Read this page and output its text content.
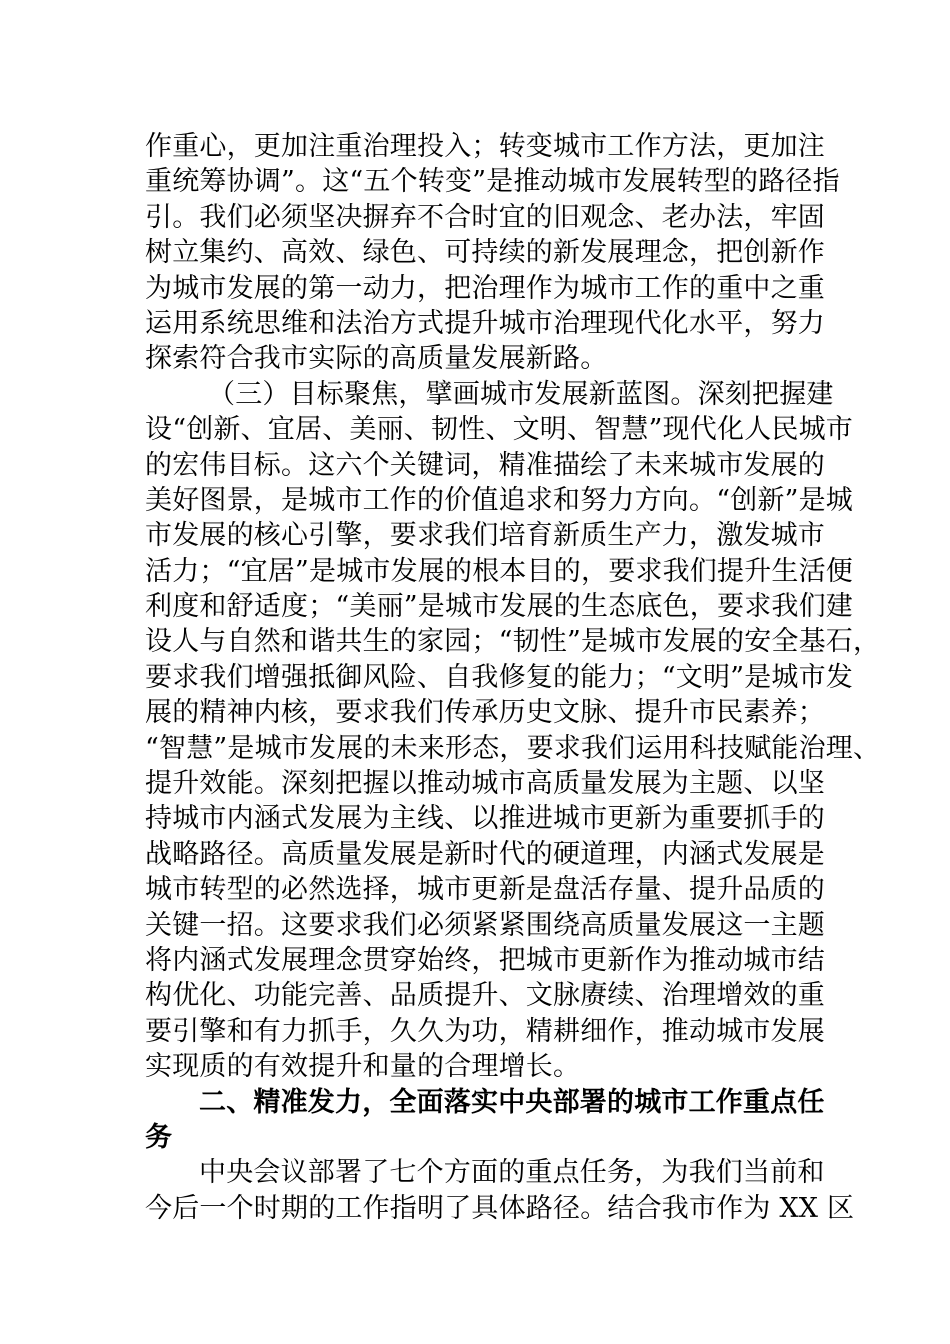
作重心，更加注重治理投入；转变城市工作方法，更加注
重统筹协调”。这“五个转变”是推动城市发展转型的路径指
引。我们必须坚决摒弃不合时宜的旧观念、老办法，牢固
树立集约、高效、绿色、可持续的新发展理念，把创新作
为城市发展的第一动力，把治理作为城市工作的重中之重
运用系统思维和法治方式提升城市治理现代化水平，努力
探索符合我市实际的高质量发展新路。
（三）目标聚焦，擘画城市发展新蓝图。深刻把握建
设“创新、宜居、美丽、韧性、文明、智慧”现代化人民城市
的宏伟目标。这六个关键词，精准描绘了未来城市发展的
美好图景，是城市工作的价值追求和努力方向。“创新”是城
市发展的核心引擎，要求我们培育新质生产力，激发城市
活力；“宜居”是城市发展的根本目的，要求我们提升生活便
利度和舒适度；“美丽”是城市发展的生态底色，要求我们建
设人与自然和谐共生的家园；“韧性”是城市发展的安全基石，
要求我们增强抵御风险、自我修复的能力；“文明”是城市发
展的精神内核，要求我们传承历史文脉、提升市民素养；
“智慧”是城市发展的未来形态，要求我们运用科技赋能治理、
提升效能。深刻把握以推动城市高质量发展为主题、以坚
持城市内涵式发展为主线、以推进城市更新为重要抓手的
战略路径。高质量发展是新时代的硬道理，内涵式发展是
城市转型的必然选择，城市更新是盘活存量、提升品质的
关键一招。这要求我们必须紧紧围绕高质量发展这一主题
将内涵式发展理念贯穿始终，把城市更新作为推动城市结
构优化、功能完善、品质提升、文脉赓续、治理增效的重
要引擎和有力抓手，久久为功，精耕细作，推动城市发展
实现质的有效提升和量的合理增长。
二、精准发力，全面落实中央部署的城市工作重点任
务
中央会议部署了七个方面的重点任务，为我们当前和
今后一个时期的工作指明了具体路径。结合我市作为 XX 区
